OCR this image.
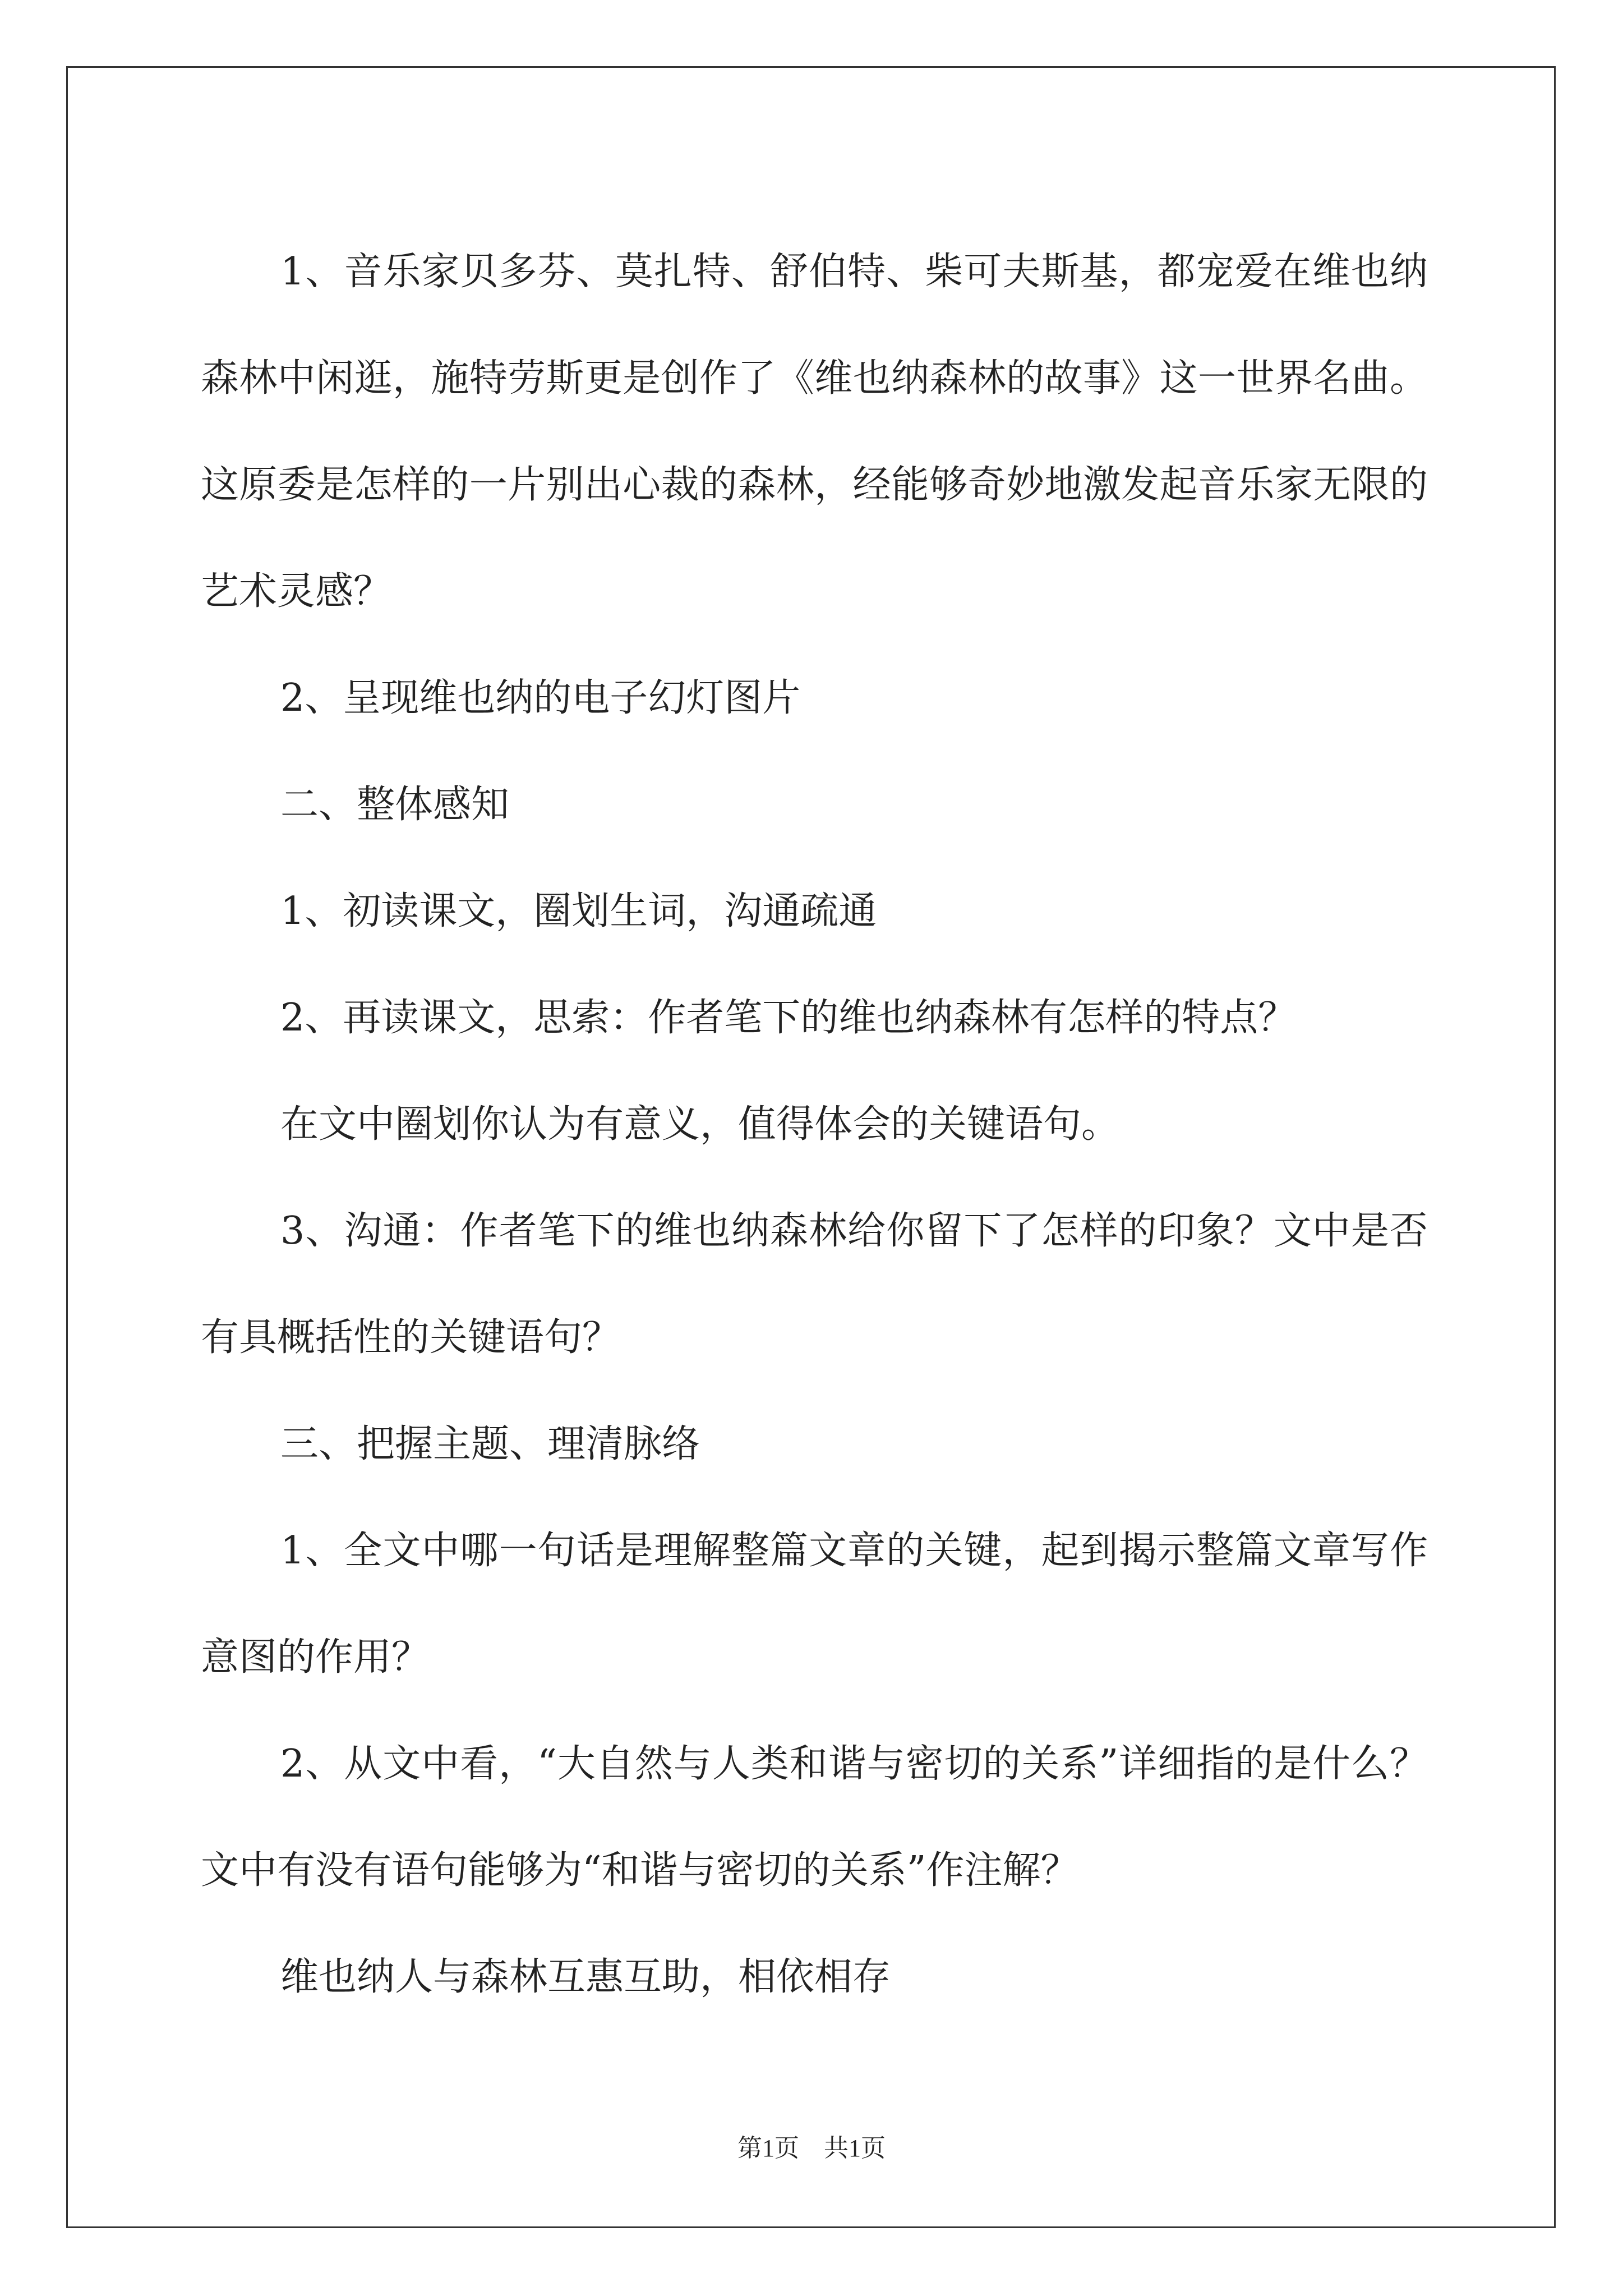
1、音乐家贝多芬、莫扎特、舒伯特、柴可夫斯基，都宠爱在维也纳森林中闲逛，施特劳斯更是创作了《维也纳森林的故事》这一世界名曲。这原委是怎样的一片别出心裁的森林，经能够奇妙地激发起音乐家无限的艺术灵感？

2、呈现维也纳的电子幻灯图片

二、整体感知

1、初读课文，圈划生词，沟通疏通

2、再读课文，思索：作者笔下的维也纳森林有怎样的特点？

在文中圈划你认为有意义，值得体会的关键语句。

3、沟通：作者笔下的维也纳森林给你留下了怎样的印象？文中是否有具概括性的关键语句？

三、把握主题、理清脉络

1、全文中哪一句话是理解整篇文章的关键，起到揭示整篇文章写作意图的作用？

2、从文中看，“大自然与人类和谐与密切的关系”详细指的是什么？文中有没有语句能够为“和谐与密切的关系”作注解？

维也纳人与森林互惠互助，相依相存

第1页　共1页
